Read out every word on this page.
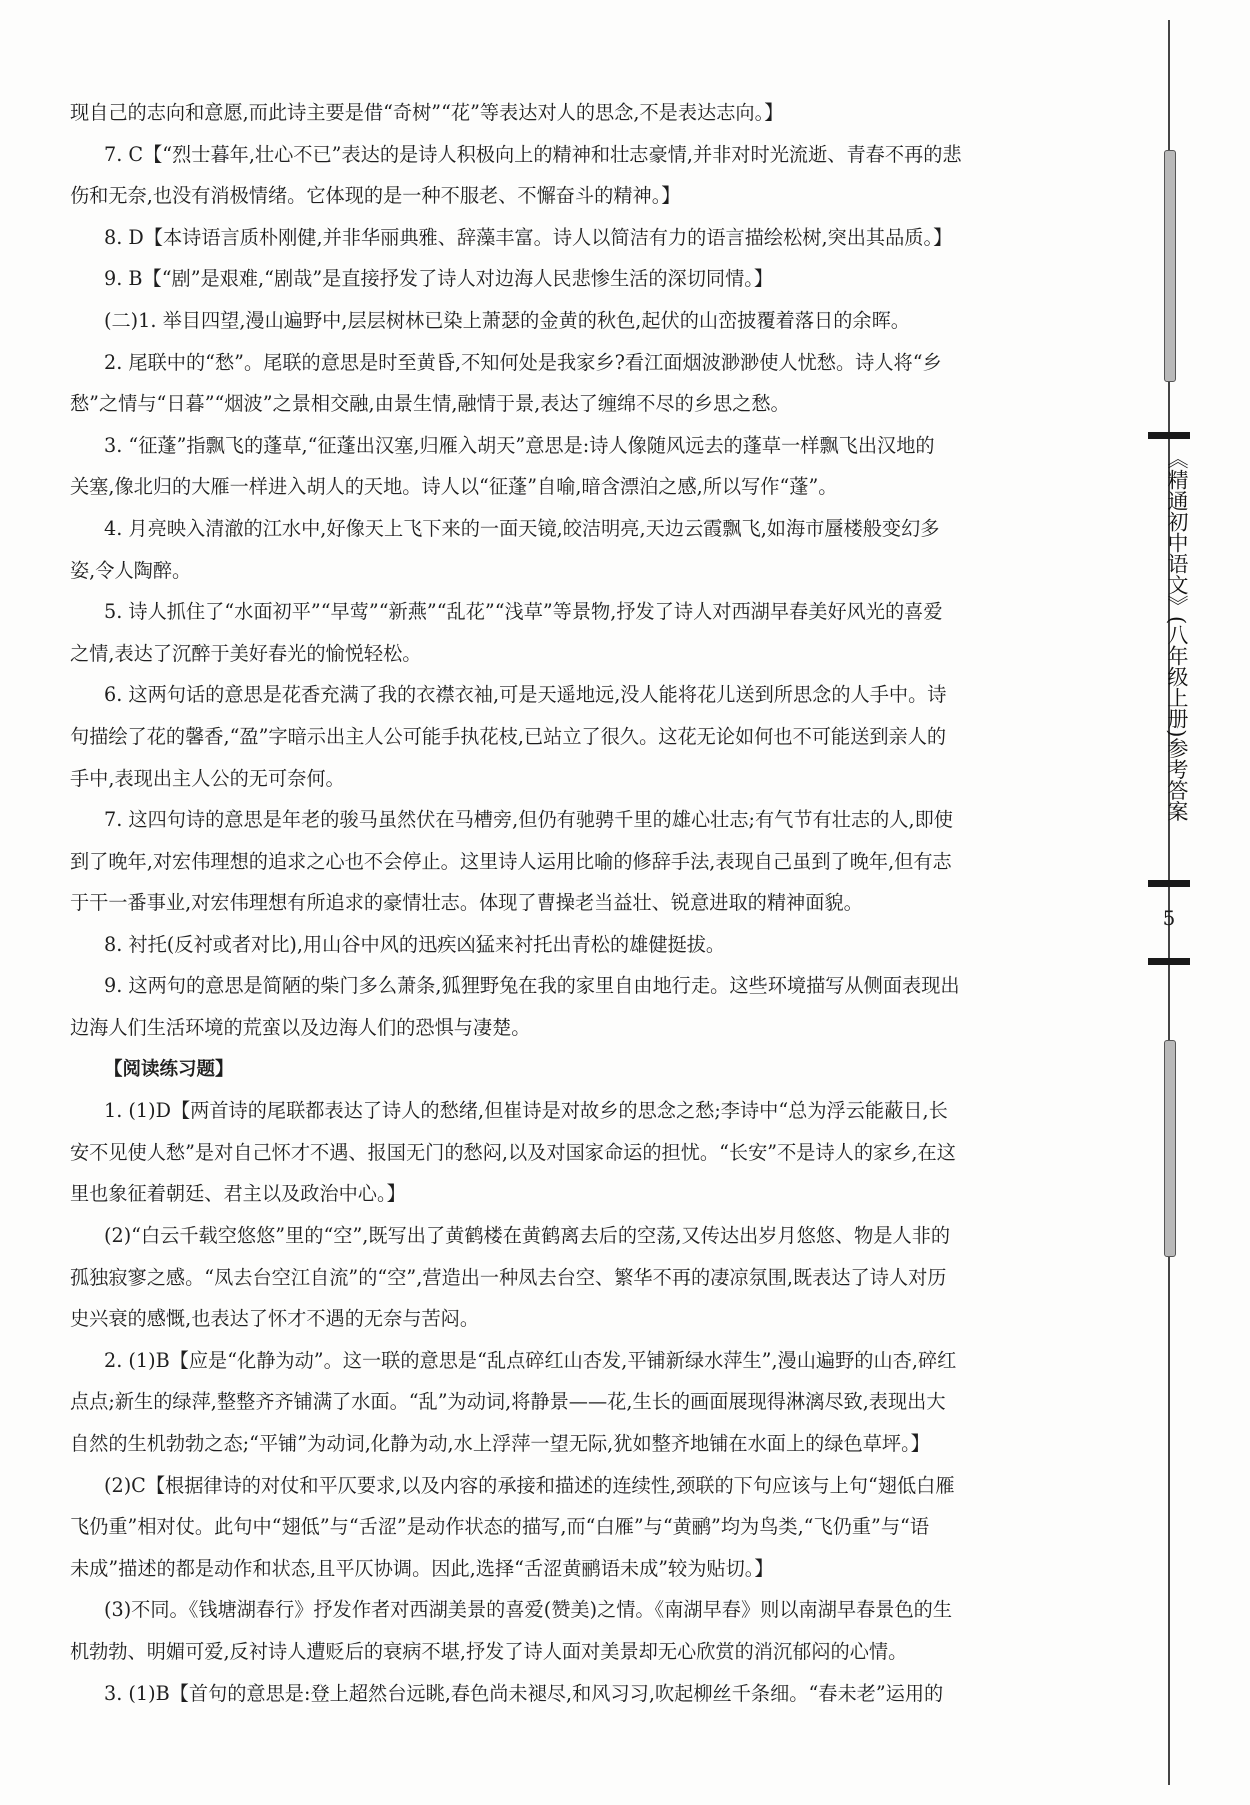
现自己的志向和意愿,而此诗主要是借“奇树”“花”等表达对人的思念,不是表达志向。】
7. C【“烈士暮年,壮心不已”表达的是诗人积极向上的精神和壮志豪情,并非对时光流逝、青春不再的悲
伤和无奈,也没有消极情绪。它体现的是一种不服老、不懈奋斗的精神。】
8. D【本诗语言质朴刚健,并非华丽典雅、辞藻丰富。诗人以简洁有力的语言描绘松树,突出其品质。】
9. B【“剧”是艰难,“剧哉”是直接抒发了诗人对边海人民悲惨生活的深切同情。】
(二)1. 举目四望,漫山遍野中,层层树林已染上萧瑟的金黄的秋色,起伏的山峦披覆着落日的余晖。
2. 尾联中的“愁”。尾联的意思是时至黄昏,不知何处是我家乡?看江面烟波渺渺使人忧愁。诗人将“乡
愁”之情与“日暮”“烟波”之景相交融,由景生情,融情于景,表达了缠绵不尽的乡思之愁。
3. “征蓬”指飘飞的蓬草,“征蓬出汉塞,归雁入胡天”意思是:诗人像随风远去的蓬草一样飘飞出汉地的
关塞,像北归的大雁一样进入胡人的天地。诗人以“征蓬”自喻,暗含漂泊之感,所以写作“蓬”。
4. 月亮映入清澈的江水中,好像天上飞下来的一面天镜,皎洁明亮,天边云霞飘飞,如海市蜃楼般变幻多
姿,令人陶醉。
5. 诗人抓住了“水面初平”“早莺”“新燕”“乱花”“浅草”等景物,抒发了诗人对西湖早春美好风光的喜爱
之情,表达了沉醉于美好春光的愉悦轻松。
6. 这两句话的意思是花香充满了我的衣襟衣袖,可是天遥地远,没人能将花儿送到所思念的人手中。诗
句描绘了花的馨香,“盈”字暗示出主人公可能手执花枝,已站立了很久。这花无论如何也不可能送到亲人的
手中,表现出主人公的无可奈何。
7. 这四句诗的意思是年老的骏马虽然伏在马槽旁,但仍有驰骋千里的雄心壮志;有气节有壮志的人,即使
到了晚年,对宏伟理想的追求之心也不会停止。这里诗人运用比喻的修辞手法,表现自己虽到了晚年,但有志
于干一番事业,对宏伟理想有所追求的豪情壮志。体现了曹操老当益壮、锐意进取的精神面貌。
8. 衬托(反衬或者对比),用山谷中风的迅疾凶猛来衬托出青松的雄健挺拔。
9. 这两句的意思是简陋的柴门多么萧条,狐狸野兔在我的家里自由地行走。这些环境描写从侧面表现出
边海人们生活环境的荒蛮以及边海人们的恐惧与凄楚。
【阅读练习题】
1. (1)D【两首诗的尾联都表达了诗人的愁绪,但崔诗是对故乡的思念之愁;李诗中“总为浮云能蔽日,长
安不见使人愁”是对自己怀才不遇、报国无门的愁闷,以及对国家命运的担忧。“长安”不是诗人的家乡,在这
里也象征着朝廷、君主以及政治中心。】
(2)“白云千载空悠悠”里的“空”,既写出了黄鹤楼在黄鹤离去后的空荡,又传达出岁月悠悠、物是人非的
孤独寂寥之感。“凤去台空江自流”的“空”,营造出一种凤去台空、繁华不再的凄凉氛围,既表达了诗人对历
史兴衰的感慨,也表达了怀才不遇的无奈与苦闷。
2. (1)B【应是“化静为动”。这一联的意思是“乱点碎红山杏发,平铺新绿水萍生”,漫山遍野的山杏,碎红
点点;新生的绿萍,整整齐齐铺满了水面。“乱”为动词,将静景——花,生长的画面展现得淋漓尽致,表现出大
自然的生机勃勃之态;“平铺”为动词,化静为动,水上浮萍一望无际,犹如整齐地铺在水面上的绿色草坪。】
(2)C【根据律诗的对仗和平仄要求,以及内容的承接和描述的连续性,颈联的下句应该与上句“翅低白雁
飞仍重”相对仗。此句中“翅低”与“舌涩”是动作状态的描写,而“白雁”与“黄鹂”均为鸟类,“飞仍重”与“语
未成”描述的都是动作和状态,且平仄协调。因此,选择“舌涩黄鹂语未成”较为贴切。】
(3)不同。《钱塘湖春行》抒发作者对西湖美景的喜爱(赞美)之情。《南湖早春》则以南湖早春景色的生
机勃勃、明媚可爱,反衬诗人遭贬后的衰病不堪,抒发了诗人面对美景却无心欣赏的消沉郁闷的心情。
3. (1)B【首句的意思是:登上超然台远眺,春色尚未褪尽,和风习习,吹起柳丝千条细。“春未老”运用的
《精通初中语文》(八年级上册)参考答案
5
